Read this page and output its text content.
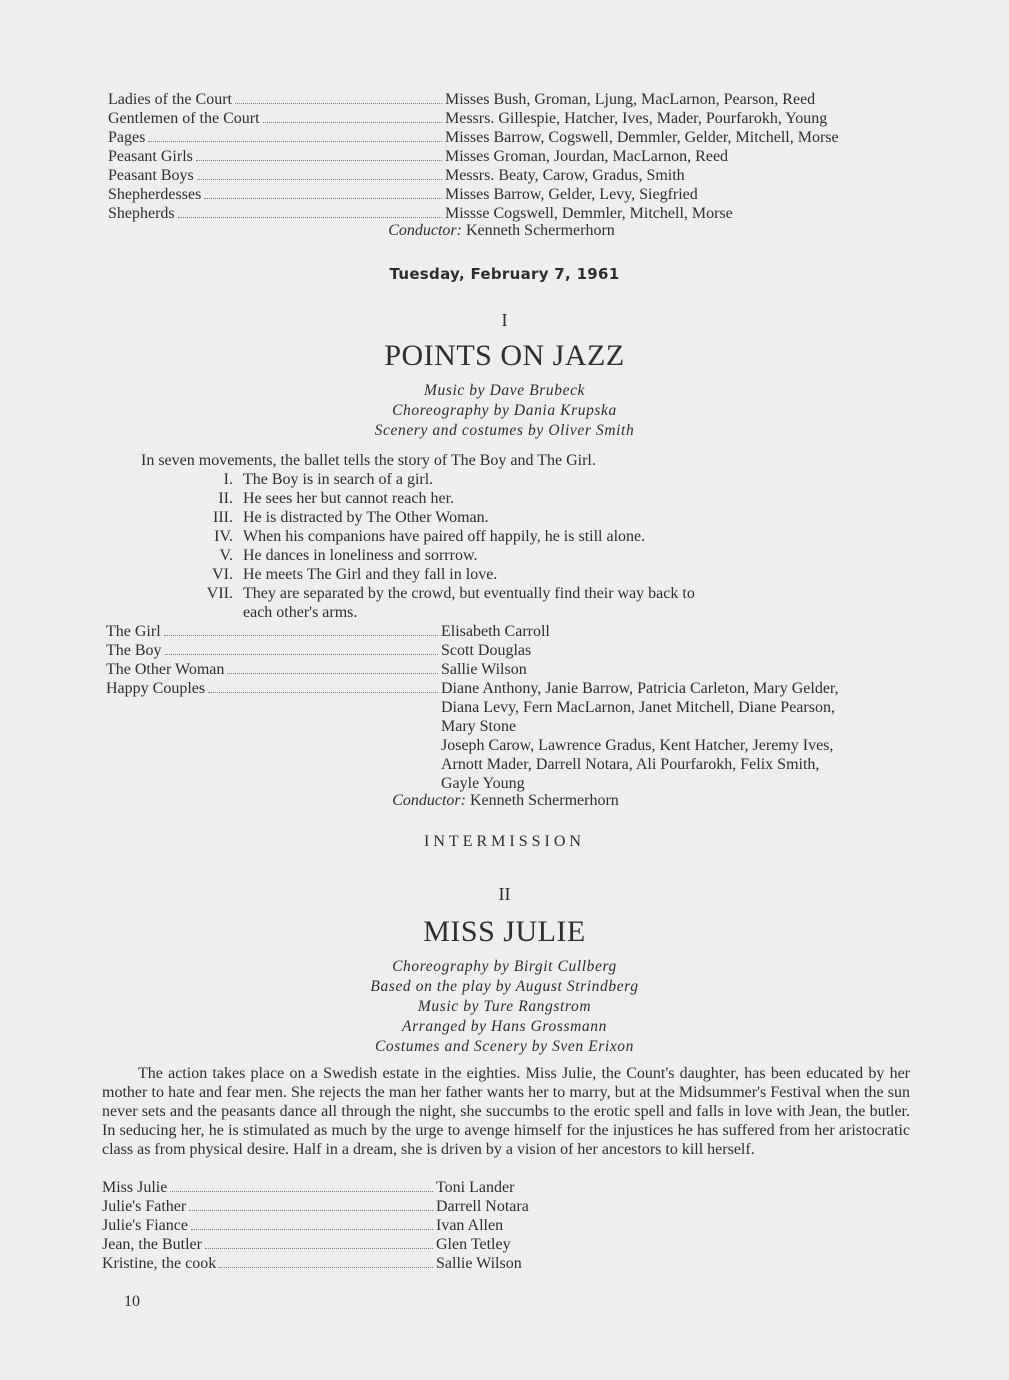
Ladies of the Court	Misses Bush, Groman, Ljung, MacLarnon, Pearson, Reed
Gentlemen of the Court	Messrs. Gillespie, Hatcher, Ives, Mader, Pourfarokh, Young
Pages	Misses Barrow, Cogswell, Demmler, Gelder, Mitchell, Morse
Peasant Girls	Misses Groman, Jourdan, MacLarnon, Reed
Peasant Boys	Messrs. Beaty, Carow, Gradus, Smith
Shepherdesses	Misses Barrow, Gelder, Levy, Siegfried
Shepherds	Missse Cogswell, Demmler, Mitchell, Morse
Conductor: Kenneth Schermerhorn
Tuesday, February 7, 1961
I
POINTS ON JAZZ
Music by Dave Brubeck
Choreography by Dania Krupska
Scenery and costumes by Oliver Smith
In seven movements, the ballet tells the story of The Boy and The Girl.
I. The Boy is in search of a girl.
II. He sees her but cannot reach her.
III. He is distracted by The Other Woman.
IV. When his companions have paired off happily, he is still alone.
V. He dances in loneliness and sorrrow.
VI. He meets The Girl and they fall in love.
VII. They are separated by the crowd, but eventually find their way back to
each other's arms.
The Girl	Elisabeth Carroll
The Boy	Scott Douglas
The Other Woman	Sallie Wilson
Happy Couples	Diane Anthony, Janie Barrow, Patricia Carleton, Mary Gelder,
Diana Levy, Fern MacLarnon, Janet Mitchell, Diane Pearson,
Mary Stone
Joseph Carow, Lawrence Gradus, Kent Hatcher, Jeremy Ives,
Arnott Mader, Darrell Notara, Ali Pourfarokh, Felix Smith,
Gayle Young
Conductor: Kenneth Schermerhorn
INTERMISSION
II
MISS JULIE
Choreography by Birgit Cullberg
Based on the play by August Strindberg
Music by Ture Rangstrom
Arranged by Hans Grossmann
Costumes and Scenery by Sven Erixon
The action takes place on a Swedish estate in the eighties. Miss Julie, the Count's daughter, has been educated by her mother to hate and fear men. She rejects the man her father wants her to marry, but at the Midsummer's Festival when the sun never sets and the peasants dance all through the night, she succumbs to the erotic spell and falls in love with Jean, the butler. In seducing her, he is stimulated as much by the urge to avenge himself for the injustices he has suffered from her aristocratic class as from physical desire. Half in a dream, she is driven by a vision of her ancestors to kill herself.
Miss Julie	Toni Lander
Julie's Father	Darrell Notara
Julie's Fiance	Ivan Allen
Jean, the Butler	Glen Tetley
Kristine, the cook	Sallie Wilson
10
